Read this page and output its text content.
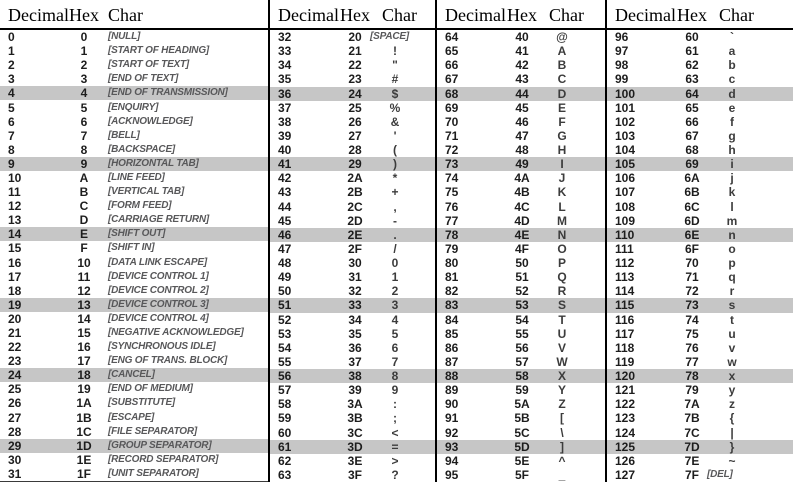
Decimal Hex Char
0	0	[NULL]
1	1	[START OF HEADING]
2	2	[START OF TEXT]
3	3	[END OF TEXT]
4	4	[END OF TRANSMISSION]
5	5	[ENQUIRY]
6	6	[ACKNOWLEDGE]
7	7	[BELL]
8	8	[BACKSPACE]
9	9	[HORIZONTAL TAB]
10	A	[LINE FEED]
11	B	[VERTICAL TAB]
12	C	[FORM FEED]
13	D	[CARRIAGE RETURN]
14	E	[SHIFT OUT]
15	F	[SHIFT IN]
16	10	[DATA LINK ESCAPE]
17	11	[DEVICE CONTROL 1]
18	12	[DEVICE CONTROL 2]
19	13	[DEVICE CONTROL 3]
20	14	[DEVICE CONTROL 4]
21	15	[NEGATIVE ACKNOWLEDGE]
22	16	[SYNCHRONOUS IDLE]
23	17	[ENG OF TRANS. BLOCK]
24	18	[CANCEL]
25	19	[END OF MEDIUM]
26	1A	[SUBSTITUTE]
27	1B	[ESCAPE]
28	1C	[FILE SEPARATOR]
29	1D	[GROUP SEPARATOR]
30	1E	[RECORD SEPARATOR]
31	1F	[UNIT SEPARATOR]
Decimal Hex Char
32	20 [SPACE]
33	21	!
34	22	"
35	23	#
36	24	$
37	25	%
38	26	&
39	27	'
40	28	(
41	29	)
42	2A	*
43	2B	+
44	2C	,
45	2D	-
46	2E	.
47	2F	/
48	30	0
49	31	1
50	32	2
51	33	3
52	34	4
53	35	5
54	36	6
55	37	7
56	38	8
57	39	9
58	3A	:
59	3B	;
60	3C	<
61	3D	=
62	3E	>
63	3F	?
Decimal Hex Char
64	40	@
65	41	A
66	42	B
67	43	C
68	44	D
69	45	E
70	46	F
71	47	G
72	48	H
73	49	I
74	4A	J
75	4B	K
76	4C	L
77	4D	M
78	4E	N
79	4F	O
80	50	P
81	51	Q
82	52	R
83	53	S
84	54	T
85	55	U
86	56	V
87	57	W
88	58	X
89	59	Y
90	5A	Z
91	5B	[
92	5C	\
93	5D	]
94	5E	^
95	5F	_
Decimal Hex Char
96	60	`
97	61	a
98	62	b
99	63	c
100	64	d
101	65	e
102	66	f
103	67	g
104	68	h
105	69	i
106	6A	j
107	6B	k
108	6C	l
109	6D	m
110	6E	n
111	6F	o
112	70	p
113	71	q
114	72	r
115	73	s
116	74	t
117	75	u
118	76	v
119	77	w
120	78	x
121	79	y
122	7A	z
123	7B	{
124	7C	|
125	7D	}
126	7E	~
127	7F [DEL]
